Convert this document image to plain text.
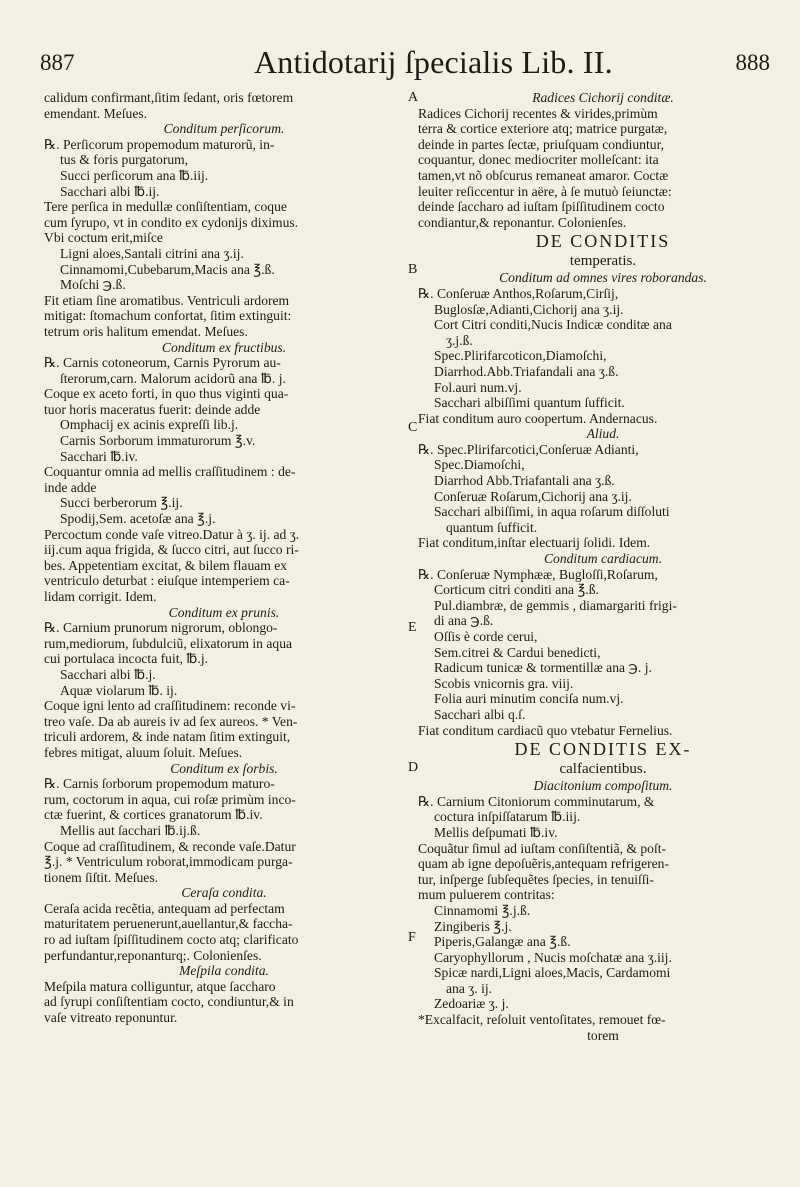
887	Antidotarij ſpecialis Lib. II.	888
A
B
C
D
E
F
calidum confirmant,ſitim ſedant, oris fœtorem
emendant. Meſues.
Conditum perſicorum.
℞. Perſicorum propemodum maturorũ, in-
tus & foris purgatorum,
Succi perſicorum ana ℔.iij.
Sacchari albi ℔.ij.
Tere perſica in medullæ conſiſtentiam, coque
cum ſyrupo, vt in condito ex cydonijs diximus.
Vbi coctum erit,miſce
Ligni aloes,Santali citrini ana ʒ.ij.
Cinnamomi,Cubebarum,Macis ana ℥.ß.
Moſchi ℈.ß.
Fit etiam ſine aromatibus. Ventriculi ardorem
mitigat: ſtomachum confortat, ſitim extinguit:
tetrum oris halitum emendat. Meſues.
Conditum ex fructibus.
℞. Carnis cotoneorum, Carnis Pyrorum au-
ſterorum,carn. Malorum acidorũ ana ℔. j.
Coque ex aceto forti, in quo thus viginti qua-
tuor horis maceratus fuerit: deinde adde
Omphacij ex acinis expreſſi lib.j.
Carnis Sorborum immaturorum ℥.v.
Sacchari ℔.iv.
Coquantur omnia ad mellis craſſitudinem : de-
inde adde
Succi berberorum ℥.ij.
Spodij,Sem. acetoſæ ana ℥.j.
Percoctum conde vaſe vitreo.Datur à ʒ. ij. ad ʒ.
iij.cum aqua frigida, & ſucco citri, aut ſucco ri-
bes. Appetentiam excitat, & bilem flauam ex
ventriculo deturbat : eiuſque intemperiem ca-
lidam corrigit. Idem.
Conditum ex prunis.
℞. Carnium prunorum nigrorum, oblongo-
rum,mediorum, ſubdulciũ, elixatorum in aqua
cui portulaca incocta fuit, ℔.j.
Sacchari albi ℔.j.
Aquæ violarum ℔. ij.
Coque igni lento ad craſſitudinem: reconde vi-
treo vaſe. Da ab aureis iv ad ſex aureos. * Ven-
triculi ardorem, & inde natam ſitim extinguit,
febres mitigat, aluum ſoluit. Meſues.
Conditum ex ſorbis.
℞. Carnis ſorborum propemodum maturo-
rum, coctorum in aqua, cui roſæ primùm inco-
ctæ fuerint, & cortices granatorum ℔.iv.
Mellis aut ſacchari ℔.ij.ß.
Coque ad craſſitudinem, & reconde vaſe.Datur
℥.j. * Ventriculum roborat,immodicam purga-
tionem ſiſtit. Meſues.
Ceraſa condita.
Ceraſa acida recẽtia, antequam ad perfectam
maturitatem peruenerunt,auellantur,& faccha-
ro ad iuſtam ſpiſſitudinem cocto atq; clarificato
perfundantur,reponanturq;. Colonienſes.
Meſpila condita.
Meſpila matura colliguntur, atque ſaccharo
ad ſyrupi conſiſtentiam cocto, condiuntur,& in
vaſe vitreato reponuntur.
Radices Cichorij conditæ.
Radices Cichorij recentes & virides,primùm
terra & cortice exteriore atq; matrice purgatæ,
deinde in partes ſectæ, priuſquam condiuntur,
coquantur, donec mediocriter molleſcant: ita
tamen,vt nõ obſcurus remaneat amaror. Coctæ
leuiter reſiccentur in aëre, à ſe mutuò ſeiunctæ:
deinde ſaccharo ad iuſtam ſpiſſitudinem cocto
condiantur,& reponantur. Colonienſes.
DE CONDITIS
temperatis.
Conditum ad omnes vires roborandas.
℞. Conſeruæ Anthos,Roſarum,Cirſij,
Buglosſæ,Adianti,Cichorij ana ʒ.ij.
Cort Citri conditi,Nucis Indicæ conditæ ana
ʒ.j.ß.
Spec.Plirifarcoticon,Diamoſchi,
Diarrhod.Abb.Triafandali ana ʒ.ß.
Fol.auri num.vj.
Sacchari albiſſimi quantum ſufficit.
Fiat conditum auro coopertum. Andernacus.
Aliud.
℞. Spec.Plirifarcotici,Conſeruæ Adianti,
Spec.Diamoſchi,
Diarrhod Abb.Triafantali ana ʒ.ß.
Conſeruæ Roſarum,Cichorij ana ʒ.ij.
Sacchari albiſſimi, in aqua roſarum diſſoluti
quantum ſufficit.
Fiat conditum,inſtar electuarij ſolidi. Idem.
Conditum cardiacum.
℞. Conſeruæ Nymphææ, Bugloſſi,Roſarum,
Corticum citri conditi ana ℥.ß.
Pul.diambræ, de gemmis , diamargariti frigi-
di ana ℈.ß.
Oſſis è corde cerui,
Sem.citrei & Cardui benedicti,
Radicum tunicæ & tormentillæ ana ℈. j.
Scobis vnicornis gra. viij.
Folia auri minutim conciſa num.vj.
Sacchari albi q.ſ.
Fiat conditum cardiacũ quo vtebatur Fernelius.
DE CONDITIS EX-
calfacientibus.
Diacitonium compoſitum.
℞. Carnium Citoniorum comminutarum, &
coctura inſpiſſatarum ℔.iij.
Mellis deſpumati ℔.iv.
Coquãtur ſimul ad iuſtam conſiſtentiã, & poſt-
quam ab igne depoſuẽris,antequam refrigeren-
tur, inſperge ſubſequẽtes ſpecies, in tenuiſſi-
mum puluerem contritas:
Cinnamomi ℥.j.ß.
Zingiberis ℥.j.
Piperis,Galangæ ana ℥.ß.
Caryophyllorum , Nucis moſchatæ ana ʒ.iij.
Spicæ nardi,Ligni aloes,Macis, Cardamomi
ana ʒ. ij.
Zedoariæ ʒ. j.
*Excalfacit, reſoluit ventoſitates, remouet fœ-
torem
